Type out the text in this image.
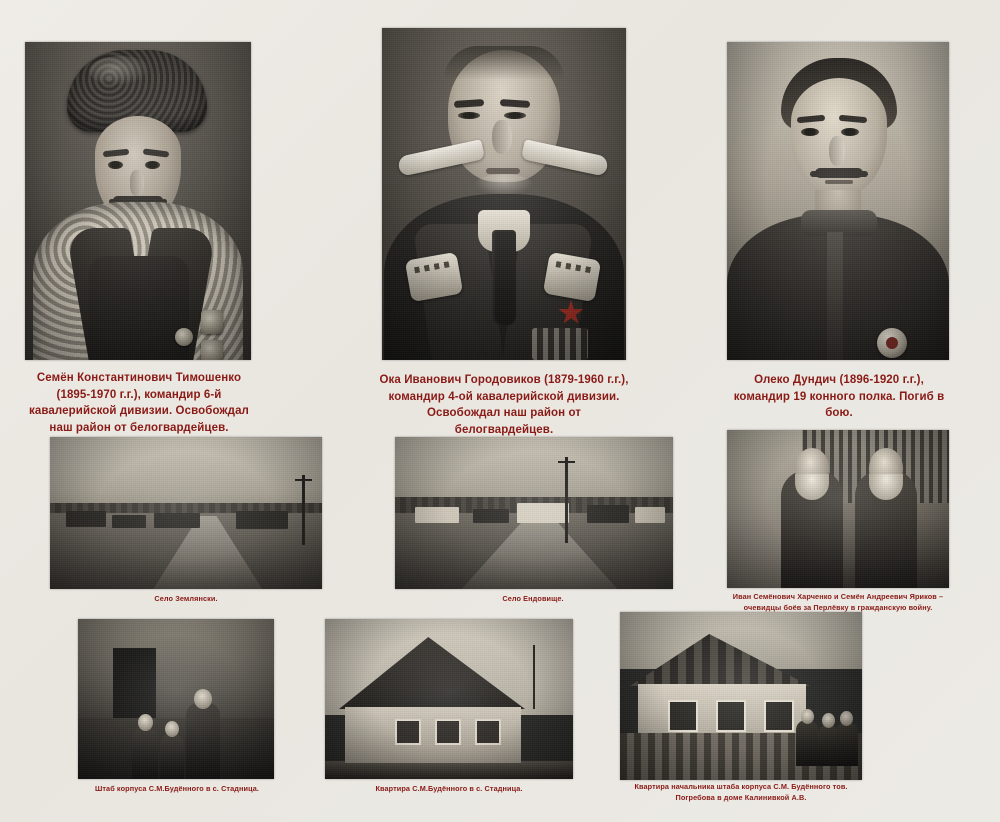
Семён Константинович Тимошенко (1895-1970 г.г.), командир 6-й кавалерийской дивизии. Освобождал наш район от белогвардейцев.
Ока Иванович Городовиков (1879-1960 г.г.), командир 4-ой кавалерийской дивизии. Освобождал наш район от белогвардейцев.
Олеко Дундич (1896-1920 г.г.), командир 19 конного полка. Погиб в бою.
Село Землянски.	Село Ендовище.	Иван Семёнович Харченко и Семён Андреевич Яриков – очевидцы боёв за Перлёвку в гражданскую войну.
Штаб корпуса С.М.Будённого в с. Стадница.	Квартира С.М.Будённого в с. Стадница.	Квартира начальника штаба корпуса С.М. Будённого тов. Погребова в доме Калинивкой А.В.
